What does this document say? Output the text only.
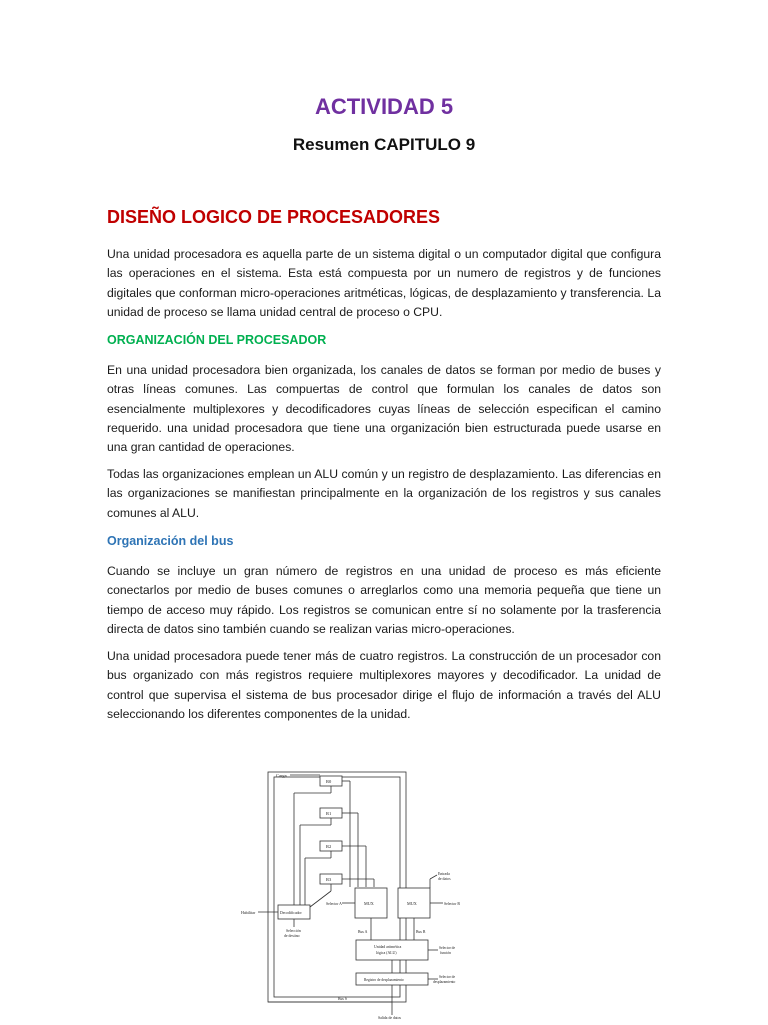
ACTIVIDAD 5
Resumen CAPITULO 9
DISEÑO LOGICO DE PROCESADORES
Una unidad procesadora es aquella parte de un sistema digital o un computador digital que configura las operaciones en el sistema. Esta está compuesta por un numero de registros y de funciones digitales que conforman micro-operaciones aritméticas, lógicas, de desplazamiento y transferencia. La unidad de proceso se llama unidad central de proceso o CPU.
ORGANIZACIÓN DEL PROCESADOR
En una unidad procesadora bien organizada, los canales de datos se forman por medio de buses y otras líneas comunes. Las compuertas de control que formulan los canales de datos son esencialmente multiplexores y decodificadores cuyas líneas de selección especifican el camino requerido. una unidad procesadora que tiene una organización bien estructurada puede usarse en una gran cantidad de operaciones.
Todas las organizaciones emplean un ALU común y un registro de desplazamiento. Las diferencias en las organizaciones se manifiestan principalmente en la organización de los registros y sus canales comunes al ALU.
Organización del bus
Cuando se incluye un gran número de registros en una unidad de proceso es más eficiente conectarlos por medio de buses comunes o arreglarlos como una memoria pequeña que tiene un tiempo de acceso muy rápido. Los registros se comunican entre sí no solamente por la trasferencia directa de datos sino también cuando se realizan varias micro-operaciones.
Una unidad procesadora puede tener más de cuatro registros. La construcción de un procesador con bus organizado con más registros requiere multiplexores mayores y decodificador. La unidad de control que supervisa el sistema de bus procesador dirige el flujo de información a través del ALU seleccionando los diferentes componentes de la unidad.
Carga
R0
R1
R2
R3
Habilitar	Decodificador
Selección
de destino
Entrada
de datos
Selector A	Selector B
MUX	MUX
Bus A	Bus B
Unidad aritmética
lógica (ALU)
Selector de
función
Registro de desplazamiento
Selector de
desplazamiento
Bus S
Salida de datos
